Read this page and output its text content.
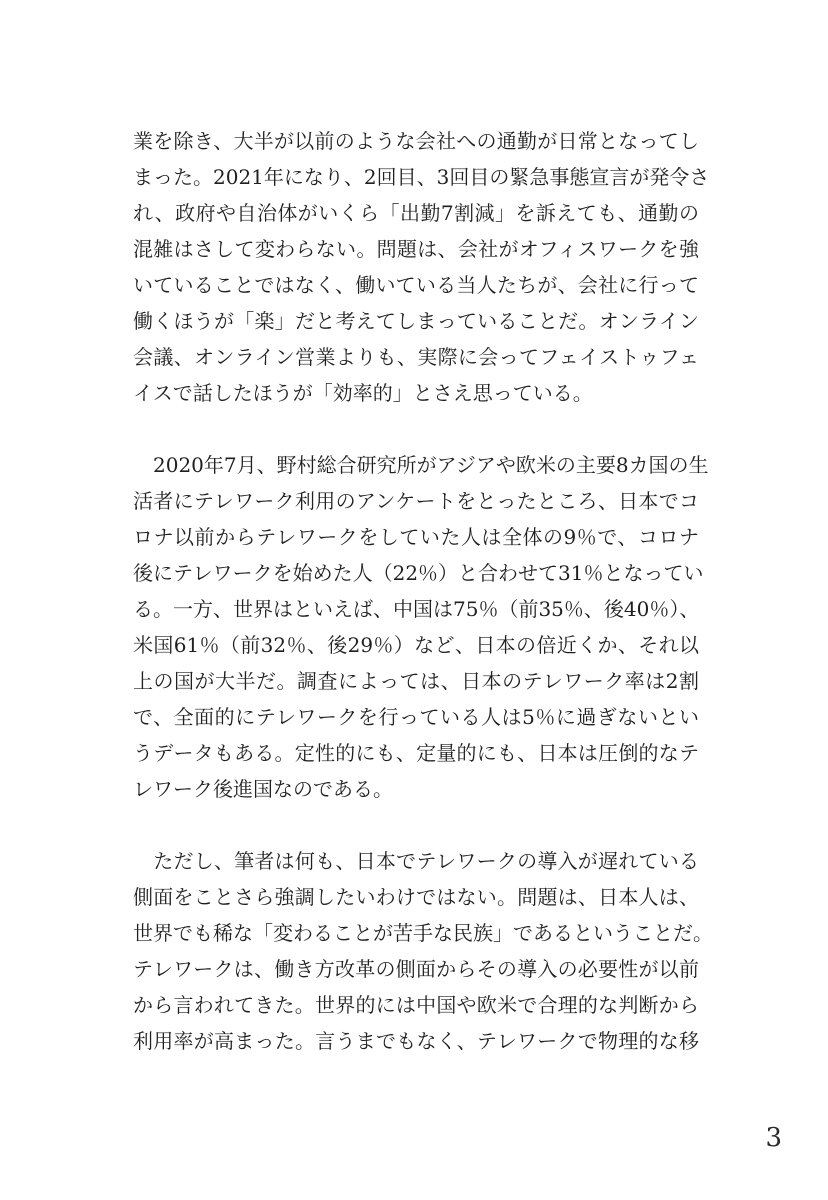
業を除き、大半が以前のような会社への通勤が日常となってし
まった。2021年になり、2回目、3回目の緊急事態宣言が発令さ
れ、政府や自治体がいくら「出勤7割減」を訴えても、通勤の
混雑はさして変わらない。問題は、会社がオフィスワークを強
いていることではなく、働いている当人たちが、会社に行って
働くほうが「楽」だと考えてしまっていることだ。オンライン
会議、オンライン営業よりも、実際に会ってフェイストゥフェ
イスで話したほうが「効率的」とさえ思っている。
　2020年7月、野村総合研究所がアジアや欧米の主要8カ国の生
活者にテレワーク利用のアンケートをとったところ、日本でコ
ロナ以前からテレワークをしていた人は全体の9％で、コロナ
後にテレワークを始めた人（22％）と合わせて31％となってい
る。一方、世界はといえば、中国は75％（前35％、後40％）、
米国61％（前32％、後29％）など、日本の倍近くか、それ以
上の国が大半だ。調査によっては、日本のテレワーク率は2割
で、全面的にテレワークを行っている人は5％に過ぎないとい
うデータもある。定性的にも、定量的にも、日本は圧倒的なテ
レワーク後進国なのである。
　ただし、筆者は何も、日本でテレワークの導入が遅れている
側面をことさら強調したいわけではない。問題は、日本人は、
世界でも稀な「変わることが苦手な民族」であるということだ。
テレワークは、働き方改革の側面からその導入の必要性が以前
から言われてきた。世界的には中国や欧米で合理的な判断から
利用率が高まった。言うまでもなく、テレワークで物理的な移
3
